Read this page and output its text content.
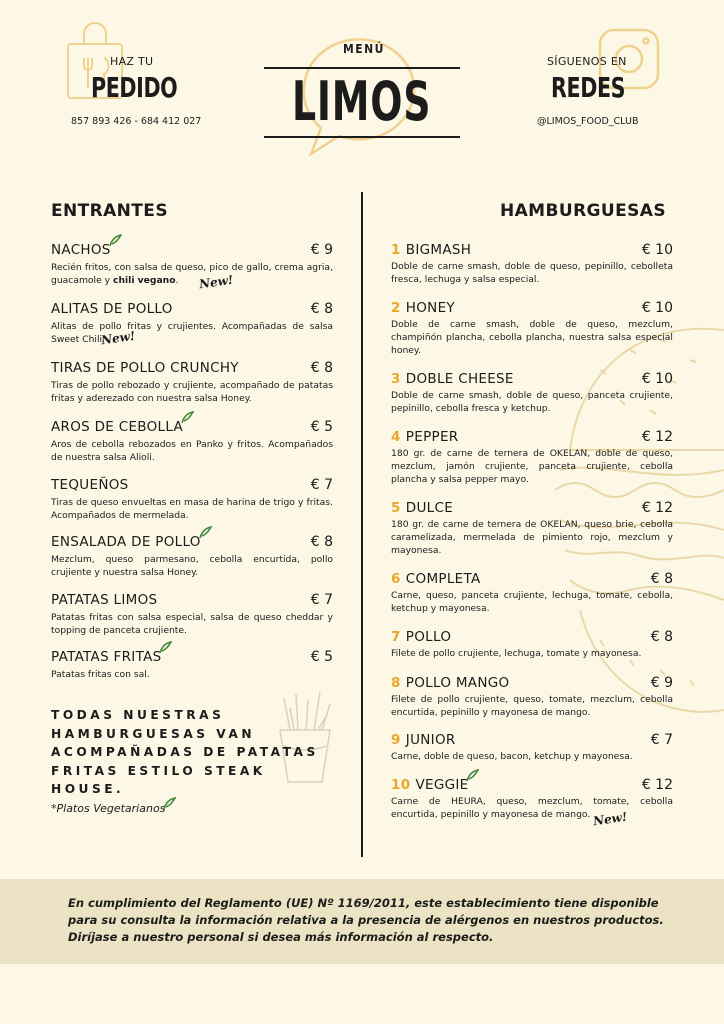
HAZ TU
PEDIDO
857 893 426 - 684 412 027
MENÚ
LIMOS
SÍGUENOS EN
REDES
@LIMOS_FOOD_CLUB
ENTRANTES
NACHOS	€ 9
Recién fritos, con salsa de queso, pico de gallo, crema agria, guacamole y chili vegano.	New!
ALITAS DE POLLO	€ 8
Alitas de pollo fritas y crujientes. Acompañadas de salsa Sweet Chili.
New!
TIRAS DE POLLO CRUNCHY	€ 8
Tiras de pollo rebozado y crujiente, acompañado de patatas fritas y aderezado con nuestra salsa Honey.
AROS DE CEBOLLA	€ 5
Aros de cebolla rebozados en Panko y fritos. Acompañados de nuestra salsa Alioli.
TEQUEÑOS	€ 7
Tiras de queso envueltas en masa de harina de trigo y fritas. Acompañados de mermelada.
ENSALADA DE POLLO	€ 8
Mezclum, queso parmesano, cebolla encurtida, pollo crujiente y nuestra salsa Honey.
PATATAS LIMOS	€ 7
Patatas fritas con salsa especial, salsa de queso cheddar y topping de panceta crujiente.
PATATAS FRITAS	€ 5
Patatas fritas con sal.
TODAS NUESTRAS HAMBURGUESAS VAN ACOMPAÑADAS DE PATATAS FRITAS ESTILO STEAK HOUSE.
*Platos Vegetarianos
HAMBURGUESAS
1 BIGMASH	€ 10
Doble de carne smash, doble de queso, pepinillo, cebolleta fresca, lechuga y salsa especial.
2 HONEY	€ 10
Doble de carne smash, doble de queso, mezclum, champiñón plancha, cebolla plancha, nuestra salsa especial honey.
3 DOBLE CHEESE	€ 10
Doble de carne smash, doble de queso, panceta crujiente, pepinillo, cebolla fresca y ketchup.
4 PEPPER	€ 12
180 gr. de carne de ternera de OKELAN, doble de queso, mezclum, jamón crujiente, panceta crujiente, cebolla plancha y salsa pepper mayo.
5 DULCE	€ 12
180 gr. de carne de ternera de OKELAN, queso brie, cebolla caramelizada, mermelada de pimiento rojo, mezclum y mayonesa.
6 COMPLETA	€ 8
Carne, queso, panceta crujiente, lechuga, tomate, cebolla, ketchup y mayonesa.
7 POLLO	€ 8
Filete de pollo crujiente, lechuga, tomate y mayonesa.
8 POLLO MANGO	€ 9
Filete de pollo crujiente, queso, tomate, mezclum, cebolla encurtida, pepinillo y mayonesa de mango.
9 JUNIOR	€ 7
Carne, doble de queso, bacon, ketchup y mayonesa.
10 VEGGIE	€ 12
Carne de HEURA, queso, mezclum, tomate, cebolla encurtida, pepinillo y mayonesa de mango. New!
En cumplimiento del Reglamento (UE) Nº 1169/2011, este establecimiento tiene disponible para su consulta la información relativa a la presencia de alérgenos en nuestros productos. Diríjase a nuestro personal si desea más información al respecto.
